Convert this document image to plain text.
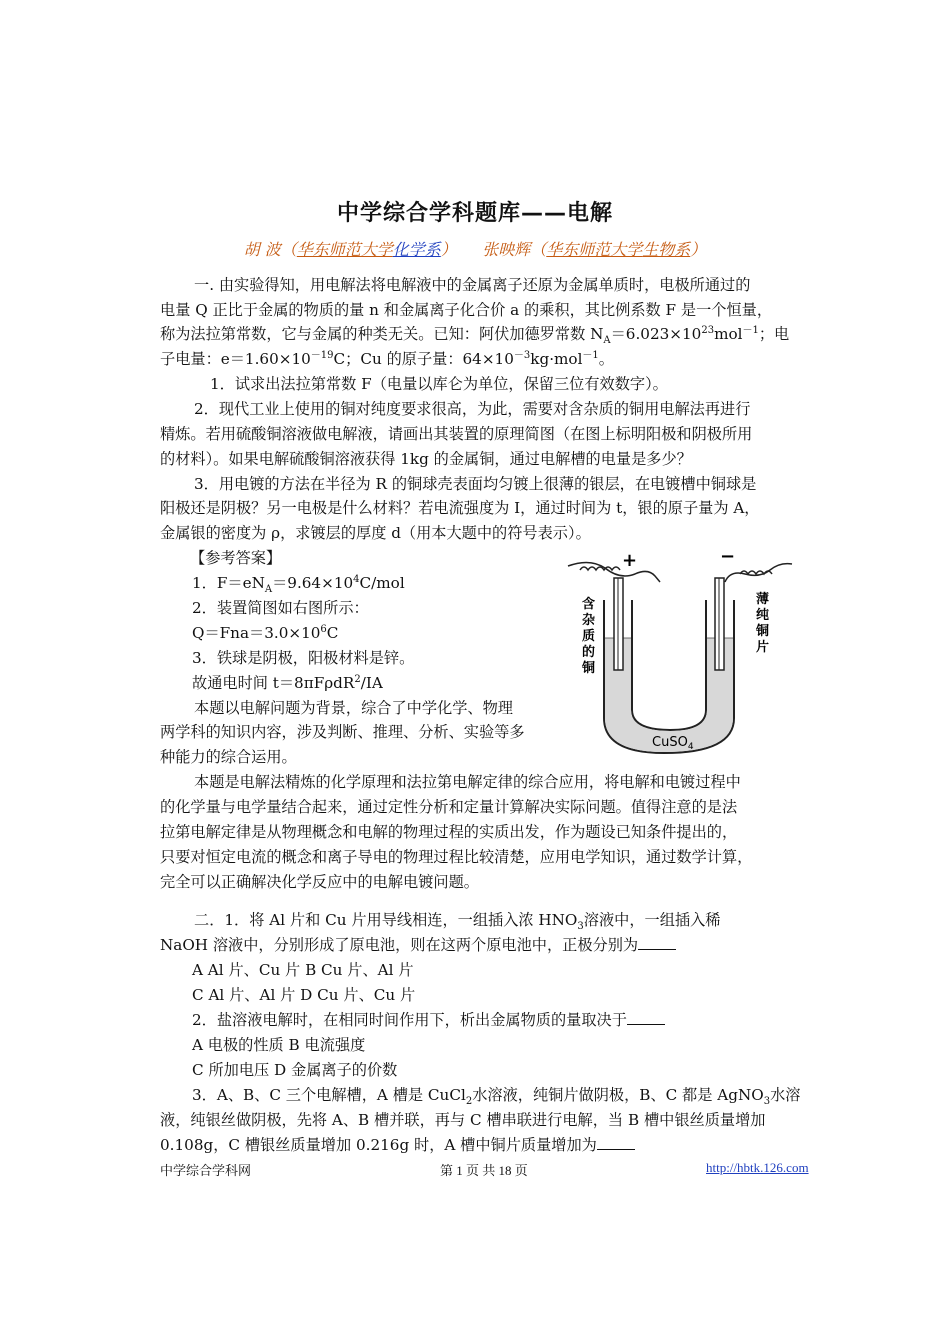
中学综合学科题库——电解
胡 波（华东师范大学化学系） 张映辉（华东师范大学生物系）
一. 由实验得知，用电解法将电解液中的金属离子还原为金属单质时，电极所通过的
电量 Q 正比于金属的物质的量 n 和金属离子化合价 a 的乘积，其比例系数 F 是一个恒量，
称为法拉第常数，它与金属的种类无关。已知：阿伏加德罗常数 $N_A=6.023\times 10^{23}mol^{-1}$；电
子电量：$e=1.60\times 10^{-19}C$；Cu 的原子量：$64\times 10^{-3}kg\cdot mol^{-1}$。
1．试求出法拉第常数 F（电量以库仑为单位，保留三位有效数字）。
2．现代工业上使用的铜对纯度要求很高，为此，需要对含杂质的铜用电解法再进行
精炼。若用硫酸铜溶液做电解液，请画出其装置的原理简图（在图上标明阳极和阴极所用
的材料）。如果电解硫酸铜溶液获得 1kg 的金属铜，通过电解槽的电量是多少？
3．用电镀的方法在半径为 R 的铜球壳表面均匀镀上很薄的银层，在电镀槽中铜球是
阳极还是阴极？另一电极是什么材料？若电流强度为 I，通过时间为 t，银的原子量为 A，
金属银的密度为 ρ，求镀层的厚度 d（用本大题中的符号表示）。
【参考答案】
1．$F=eN_A=9.64\times 10^4C$/mol
2．装置简图如右图所示：
$Q=Fna=3.0\times 10^6C$
3．铁球是阴极，阳极材料是锌。
故通电时间 t＝8πFρdR$^2$/IA
本题以电解问题为背景，综合了中学化学、物理
两学科的知识内容，涉及判断、推理、分析、实验等多
种能力的综合运用。
本题是电解法精炼的化学原理和法拉第电解定律的综合应用，将电解和电镀过程中
的化学量与电学量结合起来，通过定性分析和定量计算解决实际问题。值得注意的是法
拉第电解定律是从物理概念和电解的物理过程的实质出发，作为题设已知条件提出的，
只要对恒定电流的概念和离子导电的物理过程比较清楚，应用电学知识，通过数学计算，
完全可以正确解决化学反应中的电解电镀问题。
二．1．将 Al 片和 Cu 片用导线相连，一组插入浓 $HNO_3$溶液中，一组插入稀
NaOH 溶液中，分别形成了原电池，则在这两个原电池中，正极分别为
A Al 片、Cu 片 B Cu 片、Al 片
C Al 片、Al 片 D Cu 片、Cu 片
2．盐溶液电解时，在相同时间作用下，析出金属物质的量取决于
A 电极的性质 B 电流强度
C 所加电压 D 金属离子的价数
3．A、B、C 三个电解槽，A 槽是 CuCl$_2$水溶液，纯铜片做阴极，B、C 都是 AgNO$_3$水溶
液，纯银丝做阴极，先将 A、B 槽并联，再与 C 槽串联进行电解，当 B 槽中银丝质量增加
0.108g，C 槽银丝质量增加 0.216g 时，A 槽中铜片质量增加为
+	−
含
杂
质
的
铜
薄
纯
铜
片
CuSO$_4$
中学综合学科网	第 1 页 共 18 页	http://hbtk.126.com
